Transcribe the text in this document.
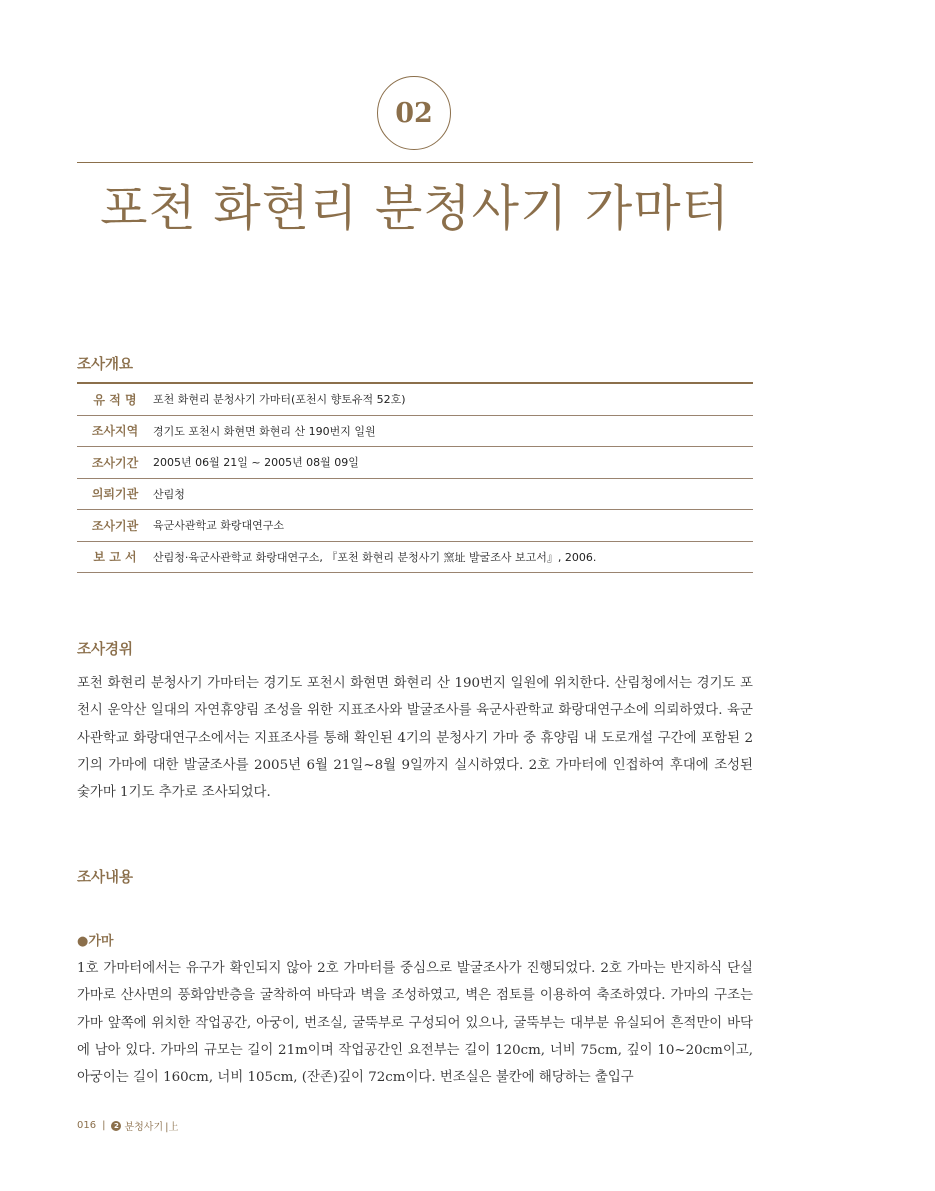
02
포천 화현리 분청사기 가마터
조사개요
유 적 명	포천 화현리 분청사기 가마터(포천시 향토유적 52호)
조사지역	경기도 포천시 화현면 화현리 산 190번지 일원
조사기간	2005년 06월 21일 ~ 2005년 08월 09일
의뢰기관	산림청
조사기관	육군사관학교 화랑대연구소
보 고 서	산림청·육군사관학교 화랑대연구소, 『포천 화현리 분청사기 窯址 발굴조사 보고서』, 2006.
조사경위

포천 화현리 분청사기 가마터는 경기도 포천시 화현면 화현리 산 190번지 일원에 위치한다. 산림청에서는 경기도 포천시 운악산 일대의 자연휴양림 조성을 위한 지표조사와 발굴조사를 육군사관학교 화랑대연구소에 의뢰하였다. 육군사관학교 화랑대연구소에서는 지표조사를 통해 확인된 4기의 분청사기 가마 중 휴양림 내 도로개설 구간에 포함된 2기의 가마에 대한 발굴조사를 2005년 6월 21일~8월 9일까지 실시하였다. 2호 가마터에 인접하여 후대에 조성된 숯가마 1기도 추가로 조사되었다.

조사내용
●가마

1호 가마터에서는 유구가 확인되지 않아 2호 가마터를 중심으로 발굴조사가 진행되었다. 2호 가마는 반지하식 단실 가마로 산사면의 풍화암반층을 굴착하여 바닥과 벽을 조성하였고, 벽은 점토를 이용하여 축조하였다. 가마의 구조는 가마 앞쪽에 위치한 작업공간, 아궁이, 번조실, 굴뚝부로 구성되어 있으나, 굴뚝부는 대부분 유실되어 흔적만이 바닥에 남아 있다. 가마의 규모는 길이 21m이며 작업공간인 요전부는 길이 120cm, 너비 75cm, 깊이 10~20cm이고, 아궁이는 길이 160cm, 너비 105cm, (잔존)깊이 72cm이다. 번조실은 불칸에 해당하는 출입구

016 |	2 분청사기 |上
